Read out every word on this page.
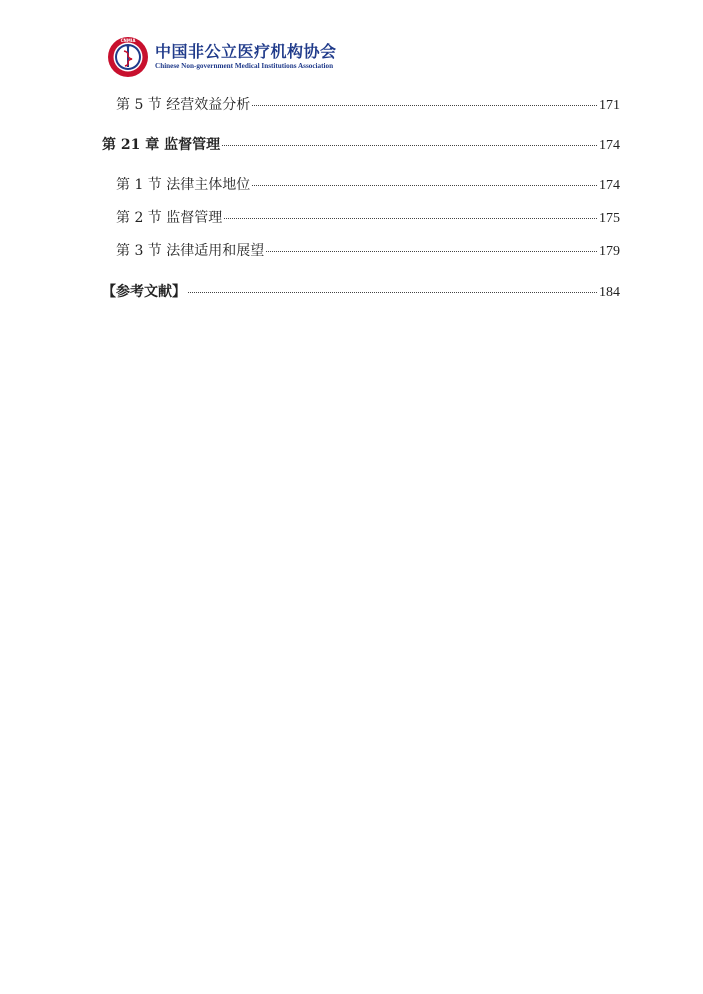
CNMIA
中国非公立医疗机构协会
Chinese Non-government Medical Institutions Association
第 5 节 经营效益分析	171
第 21 章 监督管理	174
第 1 节 法律主体地位	174
第 2 节 监督管理	175
第 3 节 法律适用和展望	179
【参考文献】	184
